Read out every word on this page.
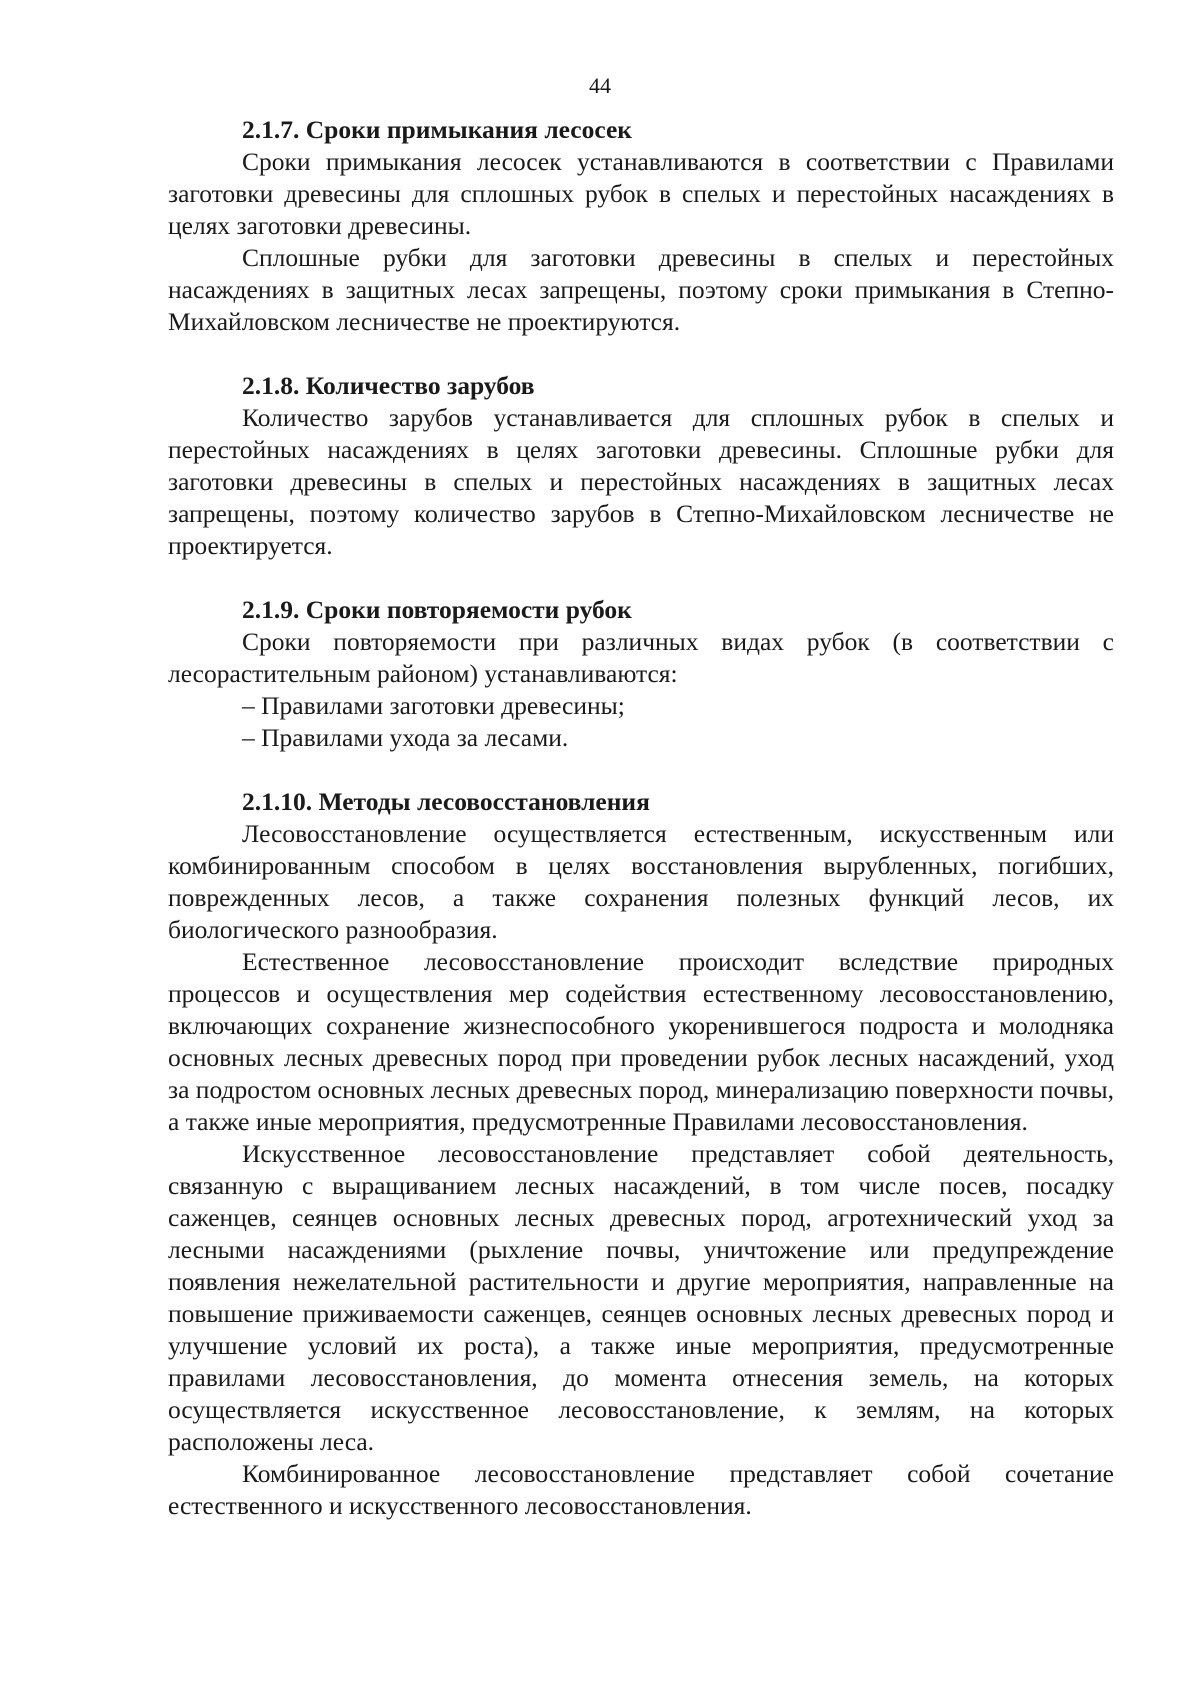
44
2.1.7. Сроки примыкания лесосек

Сроки примыкания лесосек устанавливаются в соответствии с Правилами заготовки древесины для сплошных рубок в спелых и перестойных насаждениях в целях заготовки древесины.

Сплошные рубки для заготовки древесины в спелых и перестойных насаждениях в защитных лесах запрещены, поэтому сроки примыкания в Степно-Михайловском лесничестве не проектируются.

2.1.8. Количество зарубов

Количество зарубов устанавливается для сплошных рубок в спелых и перестойных насаждениях в целях заготовки древесины. Сплошные рубки для заготовки древесины в спелых и перестойных насаждениях в защитных лесах запрещены, поэтому количество зарубов в Степно-Михайловском лесничестве не проектируется.

2.1.9. Сроки повторяемости рубок

Сроки повторяемости при различных видах рубок (в соответствии с лесорастительным районом) устанавливаются:

– Правилами заготовки древесины;
– Правилами ухода за лесами.
2.1.10. Методы лесовосстановления

Лесовосстановление осуществляется естественным, искусственным или комбинированным способом в целях восстановления вырубленных, погибших, поврежденных лесов, а также сохранения полезных функций лесов, их биологического разнообразия.

Естественное лесовосстановление происходит вследствие природных процессов и осуществления мер содействия естественному лесовосстановлению, включающих сохранение жизнеспособного укоренившегося подроста и молодняка основных лесных древесных пород при проведении рубок лесных насаждений, уход за подростом основных лесных древесных пород, минерализацию поверхности почвы, а также иные мероприятия, предусмотренные Правилами лесовосстановления.

Искусственное лесовосстановление представляет собой деятельность, связанную с выращиванием лесных насаждений, в том числе посев, посадку саженцев, сеянцев основных лесных древесных пород, агротехнический уход за лесными насаждениями (рыхление почвы, уничтожение или предупреждение появления нежелательной растительности и другие мероприятия, направленные на повышение приживаемости саженцев, сеянцев основных лесных древесных пород и улучшение условий их роста), а также иные мероприятия, предусмотренные правилами лесовосстановления, до момента отнесения земель, на которых осуществляется искусственное лесовосстановление, к землям, на которых расположены леса.

Комбинированное лесовосстановление представляет собой сочетание естественного и искусственного лесовосстановления.
